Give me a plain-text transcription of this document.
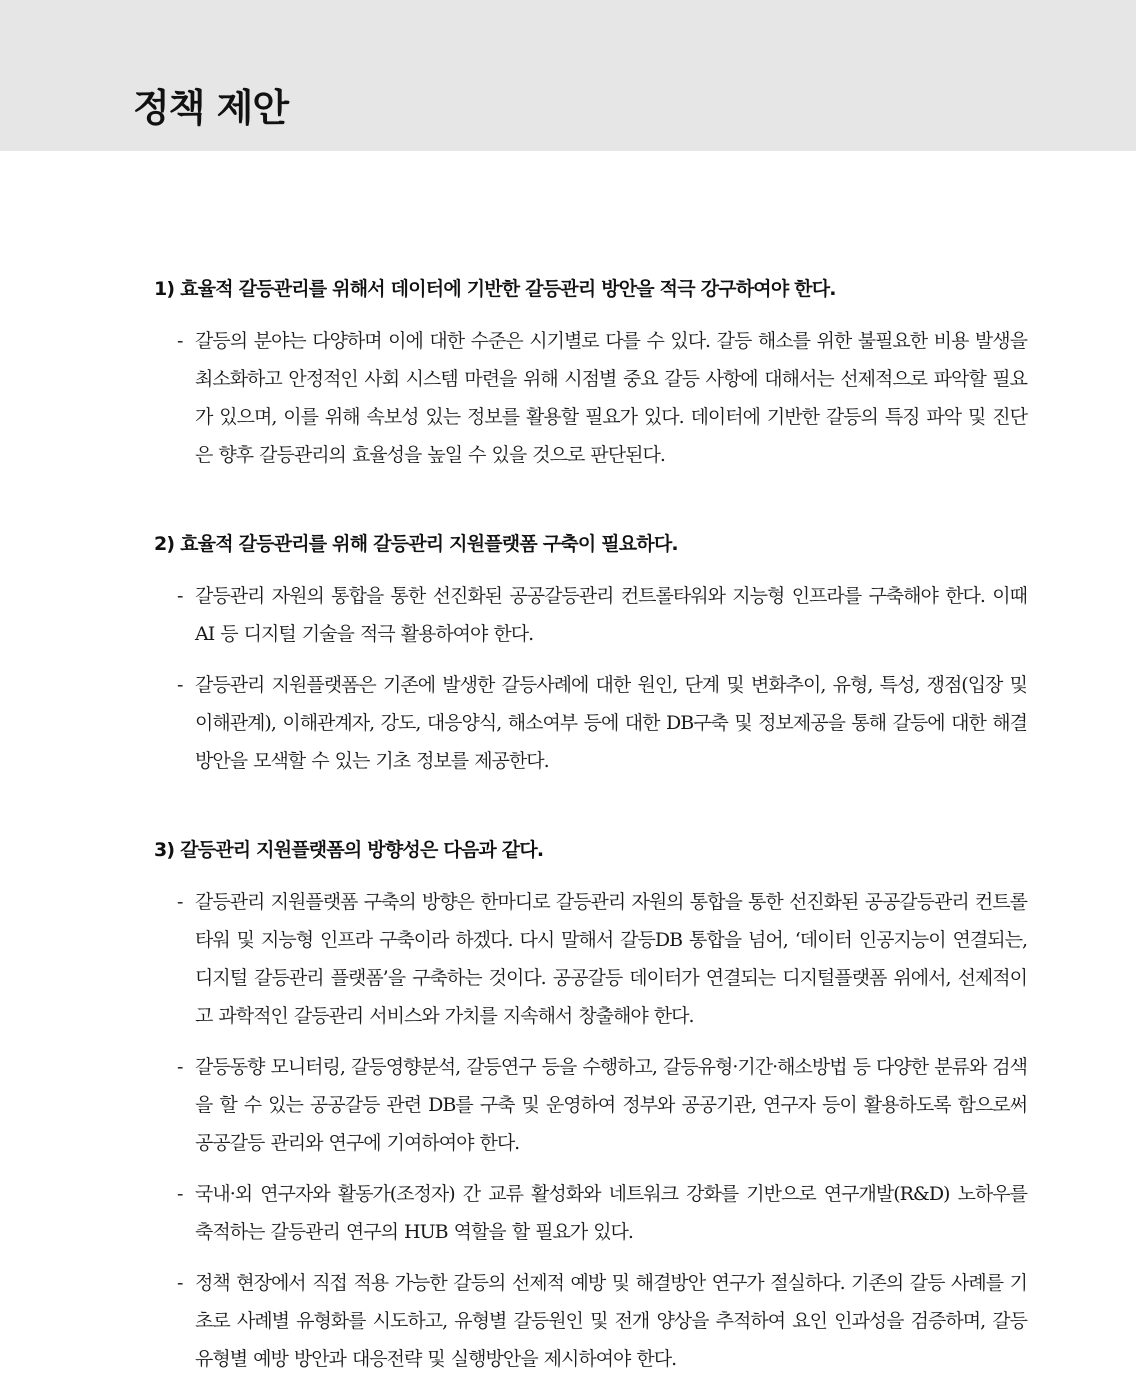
정책 제안

1) 효율적 갈등관리를 위해서 데이터에 기반한 갈등관리 방안을 적극 강구하여야 한다.

- 갈등의 분야는 다양하며 이에 대한 수준은 시기별로 다를 수 있다. 갈등 해소를 위한 불필요한 비용 발생을 최소화하고 안정적인 사회 시스템 마련을 위해 시점별 중요 갈등 사항에 대해서는 선제적으로 파악할 필요가 있으며, 이를 위해 속보성 있는 정보를 활용할 필요가 있다. 데이터에 기반한 갈등의 특징 파악 및 진단은 향후 갈등관리의 효율성을 높일 수 있을 것으로 판단된다.

2) 효율적 갈등관리를 위해 갈등관리 지원플랫폼 구축이 필요하다.

- 갈등관리 자원의 통합을 통한 선진화된 공공갈등관리 컨트롤타워와 지능형 인프라를 구축해야 한다. 이때 AI 등 디지털 기술을 적극 활용하여야 한다.

- 갈등관리 지원플랫폼은 기존에 발생한 갈등사례에 대한 원인, 단계 및 변화추이, 유형, 특성, 쟁점(입장 및 이해관계), 이해관계자, 강도, 대응양식, 해소여부 등에 대한 DB구축 및 정보제공을 통해 갈등에 대한 해결방안을 모색할 수 있는 기초 정보를 제공한다.

3) 갈등관리 지원플랫폼의 방향성은 다음과 같다.

- 갈등관리 지원플랫폼 구축의 방향은 한마디로 갈등관리 자원의 통합을 통한 선진화된 공공갈등관리 컨트롤타워 및 지능형 인프라 구축이라 하겠다. 다시 말해서 갈등DB 통합을 넘어, ‘데이터 인공지능이 연결되는, 디지털 갈등관리 플랫폼’을 구축하는 것이다. 공공갈등 데이터가 연결되는 디지털플랫폼 위에서, 선제적이고 과학적인 갈등관리 서비스와 가치를 지속해서 창출해야 한다.

- 갈등동향 모니터링, 갈등영향분석, 갈등연구 등을 수행하고, 갈등유형·기간·해소방법 등 다양한 분류와 검색을 할 수 있는 공공갈등 관련 DB를 구축 및 운영하여 정부와 공공기관, 연구자 등이 활용하도록 함으로써 공공갈등 관리와 연구에 기여하여야 한다.

- 국내·외 연구자와 활동가(조정자) 간 교류 활성화와 네트워크 강화를 기반으로 연구개발(R&D) 노하우를 축적하는 갈등관리 연구의 HUB 역할을 할 필요가 있다.

- 정책 현장에서 직접 적용 가능한 갈등의 선제적 예방 및 해결방안 연구가 절실하다. 기존의 갈등 사례를 기초로 사례별 유형화를 시도하고, 유형별 갈등원인 및 전개 양상을 추적하여 요인 인과성을 검증하며, 갈등유형별 예방 방안과 대응전략 및 실행방안을 제시하여야 한다.
